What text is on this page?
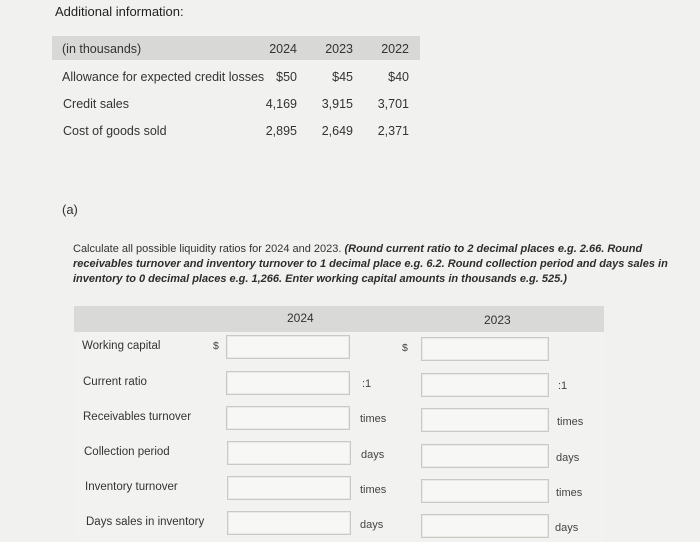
Additional information:
(in thousands)	2024	2023	2022
Allowance for expected credit losses $50	$45	$40
Credit sales	4,169	3,915	3,701
Cost of goods sold	2,895	2,649	2,371
(a)
Calculate all possible liquidity ratios for 2024 and 2023. (Round current ratio to 2 decimal places e.g. 2.66. Round receivables turnover and inventory turnover to 1 decimal place e.g. 6.2. Round collection period and days sales in inventory to 0 decimal places e.g. 1,266. Enter working capital amounts in thousands e.g. 525.)
2024	2023
Working capital	$	$
Current ratio	:1	:1
Receivables turnover	times	times
Collection period	days	days
Inventory turnover	times	times
Days sales in inventory	days	days
